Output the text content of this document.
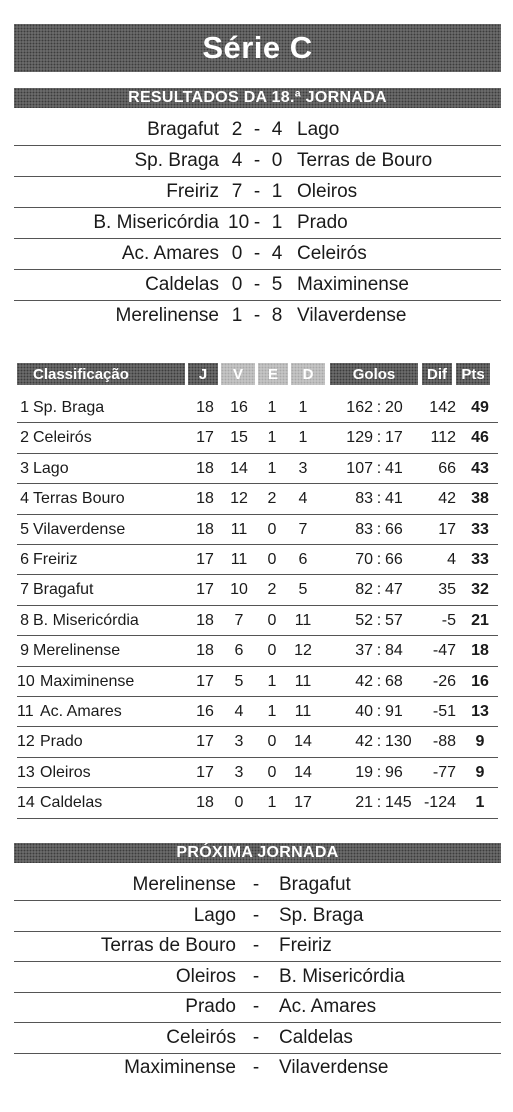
Série C
RESULTADOS DA 18.ª JORNADA
Bragafut 2 - 4 Lago
Sp. Braga 4 - 0 Terras de Bouro
Freiriz 7 - 1 Oleiros
B. Misericórdia 10 - 1 Prado
Ac. Amares 0 - 4 Celeirós
Caldelas 0 - 5 Maximinense
Merelinense 1 - 8 Vilaverdense
Classificação	J V E D	Golos Dif Pts
1 Sp. Braga	18 16	1	1	162 : 20	142 49
2 Celeirós	17 15	1	1	129 : 17	112 46
3 Lago	18 14	1	3	107 : 41	66 43
4 Terras Bouro	18 12	2	4	83 : 41	42 38
5 Vilaverdense	18 11	0	7	83 : 66	17 33
6 Freiriz	17 11	0	6	70 : 66	4 33
7 Bragafut	17 10	2	5	82 : 47	35 32
8 B. Misericórdia	18	7	0	11	52 : 57	-5 21
9 Merelinense	18	6	0	12	37 : 84	-47 18
10 Maximinense	17	5	1	11	42 : 68	-26 16
11 Ac. Amares	16	4	1	11	40 : 91	-51 13
12 Prado	17	3	0	14	42 : 130	-88	9
13 Oleiros	17	3	0	14	19 : 96	-77	9
14 Caldelas	18	0	1	17	21 : 145 -124	1
PRÓXIMA JORNADA
Merelinense - Bragafut
Lago - Sp. Braga
Terras de Bouro - Freiriz
Oleiros - B. Misericórdia
Prado - Ac. Amares
Celeirós - Caldelas
Maximinense - Vilaverdense
